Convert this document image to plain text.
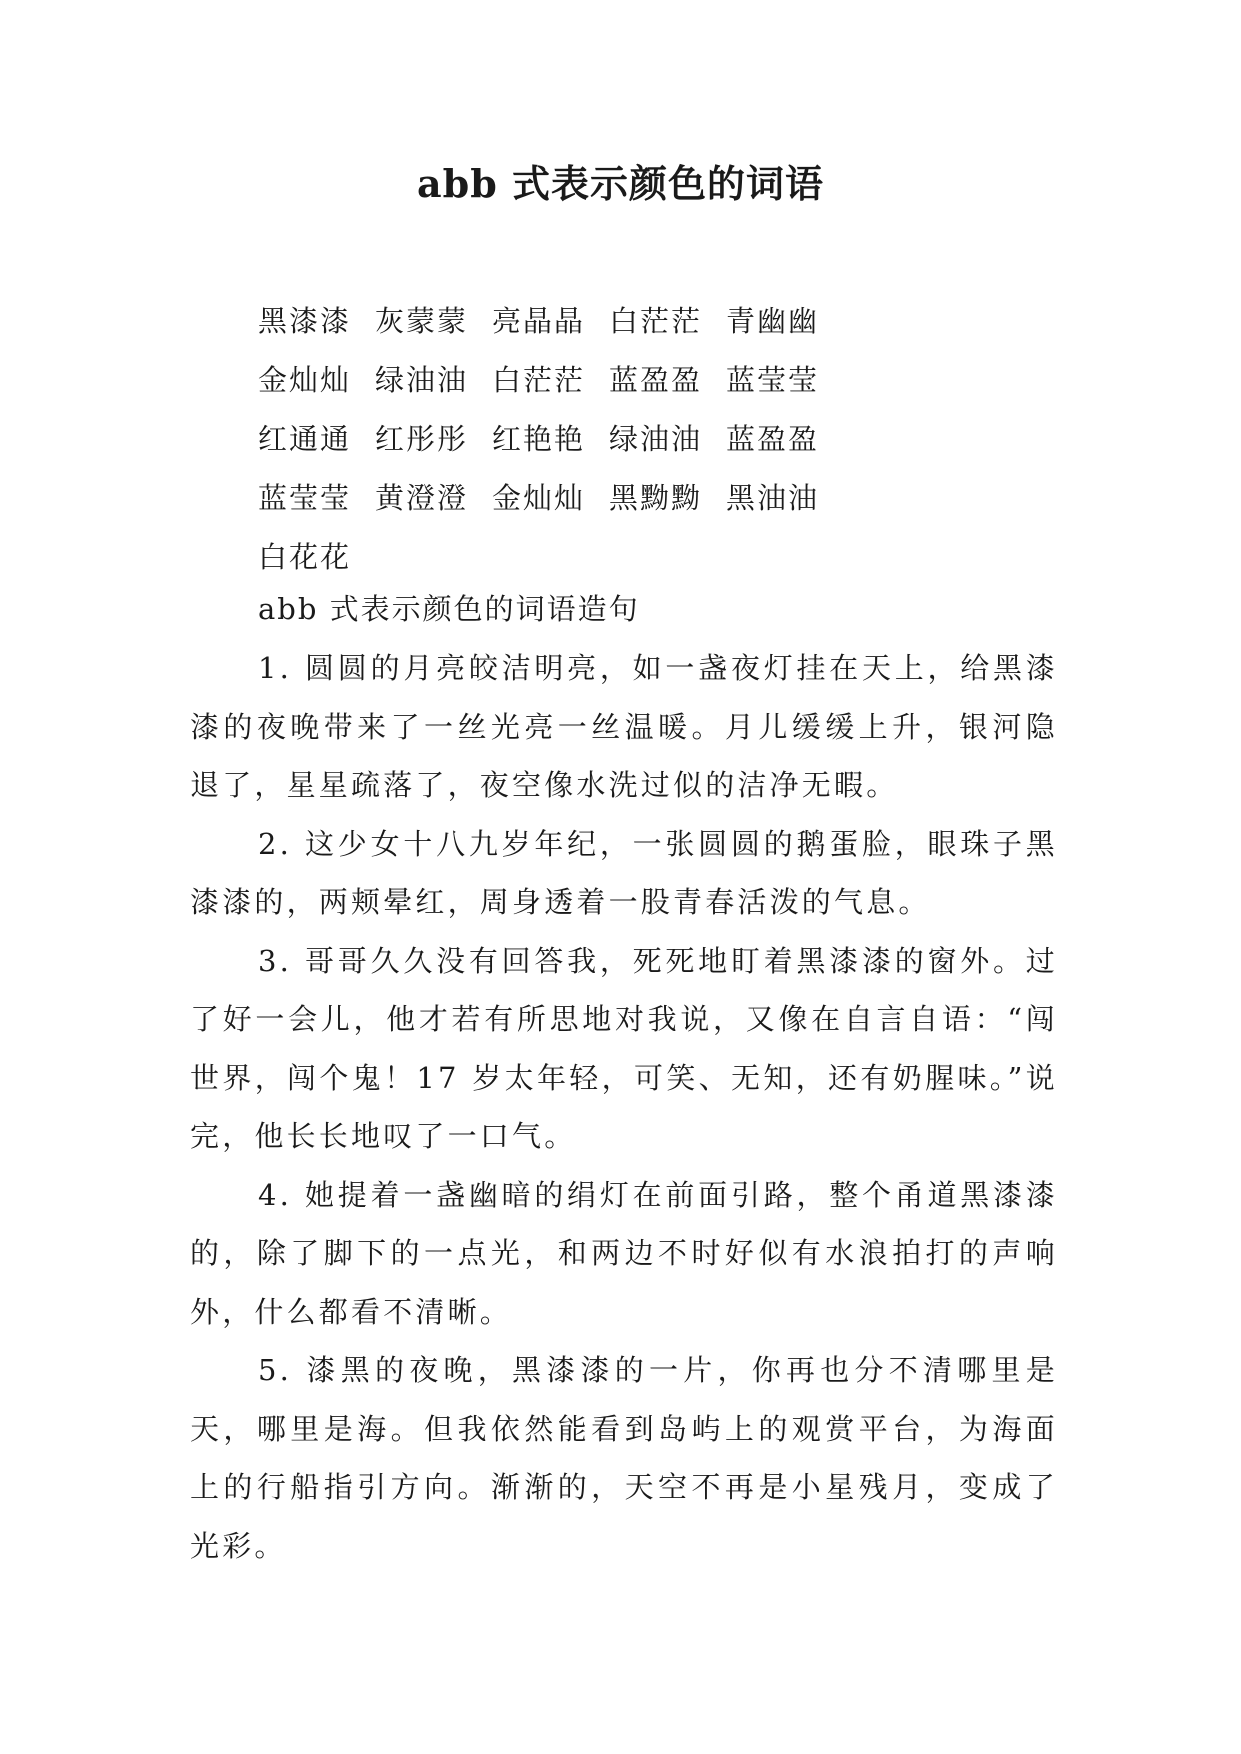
abb 式表示颜色的词语
黑漆漆 灰蒙蒙 亮晶晶 白茫茫 青幽幽
金灿灿 绿油油 白茫茫 蓝盈盈 蓝莹莹
红通通 红彤彤 红艳艳 绿油油 蓝盈盈
蓝莹莹 黄澄澄 金灿灿 黑黝黝 黑油油
白花花
abb 式表示颜色的词语造句

1. 圆圆的月亮皎洁明亮，如一盏夜灯挂在天上，给黑漆漆的夜晚带来了一丝光亮一丝温暖。月儿缓缓上升，银河隐退了，星星疏落了，夜空像水洗过似的洁净无暇。

2. 这少女十八九岁年纪，一张圆圆的鹅蛋脸，眼珠子黑漆漆的，两颊晕红，周身透着一股青春活泼的气息。

3. 哥哥久久没有回答我，死死地盯着黑漆漆的窗外。过了好一会儿，他才若有所思地对我说，又像在自言自语：“闯世界，闯个鬼！17 岁太年轻，可笑、无知，还有奶腥味。”说完，他长长地叹了一口气。

4. 她提着一盏幽暗的绢灯在前面引路，整个甬道黑漆漆的，除了脚下的一点光，和两边不时好似有水浪拍打的声响外，什么都看不清晰。

5. 漆黑的夜晚，黑漆漆的一片，你再也分不清哪里是天，哪里是海。但我依然能看到岛屿上的观赏平台，为海面上的行船指引方向。渐渐的，天空不再是小星残月，变成了光彩。
